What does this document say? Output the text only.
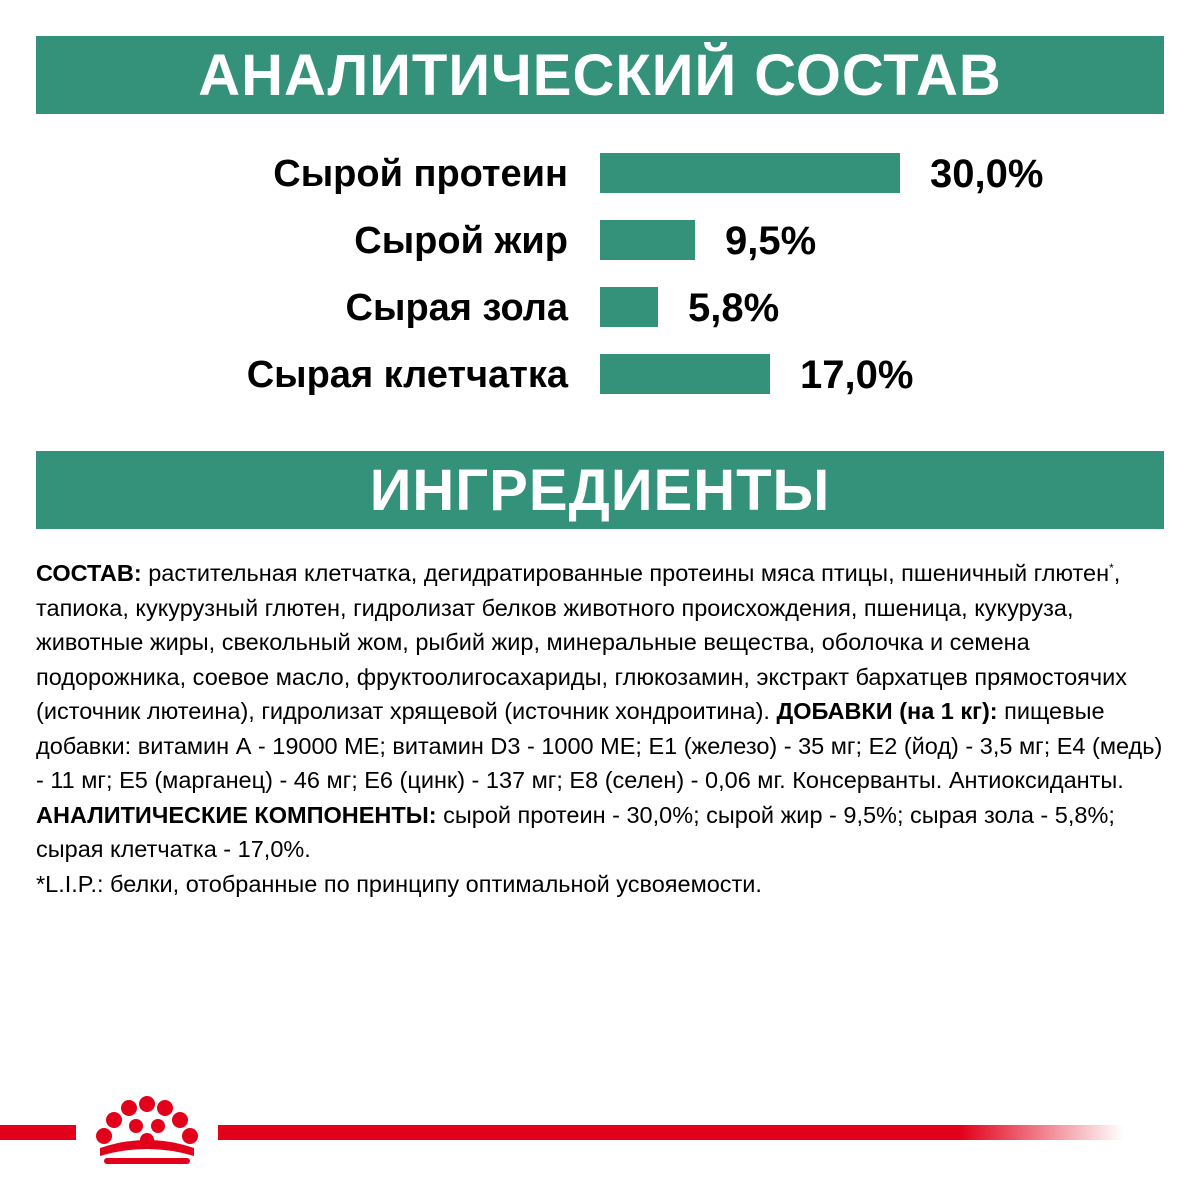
АНАЛИТИЧЕСКИЙ СОСТАВ
Сырой протеин	30,0%
Сырой жир	9,5%
Сырая зола	5,8%
Сырая клетчатка	17,0%
ИНГРЕДИЕНТЫ
СОСТАВ: растительная клетчатка, дегидратированные протеины мяса птицы, пшеничный глютен*, тапиока, кукурузный глютен, гидролизат белков животного происхождения, пшеница, кукуруза, животные жиры, свекольный жом, рыбий жир, минеральные вещества, оболочка и семена подорожника, соевое масло, фруктоолигосахариды, глюкозамин, экстракт бархатцев прямостоячих (источник лютеина), гидролизат хрящевой (источник хондроитина). ДОБАВКИ (на 1 кг): пищевые добавки: витамин А - 19000 МЕ; витамин D3 - 1000 МЕ; Е1 (железо) - 35 мг; Е2 (йод) - 3,5 мг; Е4 (медь) - 11 мг; Е5 (марганец) - 46 мг; Е6 (цинк) - 137 мг; Е8 (селен) - 0,06 мг. Консерванты. Антиоксиданты. АНАЛИТИЧЕСКИЕ КОМПОНЕНТЫ: сырой протеин - 30,0%; сырой жир - 9,5%; сырая зола - 5,8%; сырая клетчатка - 17,0%.
*L.I.P.: белки, отобранные по принципу оптимальной усвояемости.
